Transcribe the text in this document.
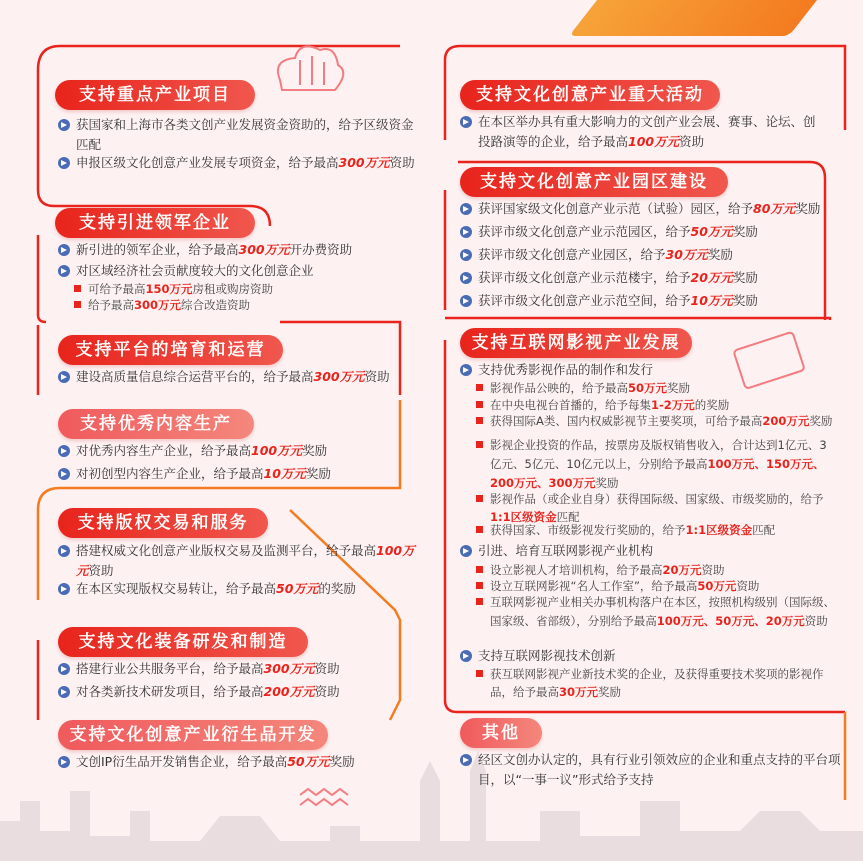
支持重点产业项目
获国家和上海市各类文创产业发展资金资助的，给予区级资金匹配
申报区级文化创意产业发展专项资金，给予最高300万元资助
支持引进领军企业
新引进的领军企业，给予最高300万元开办费资助
对区域经济社会贡献度较大的文化创意企业
可给予最高150万元房租或购房资助
给予最高300万元综合改造资助
支持平台的培育和运营
建设高质量信息综合运营平台的，给予最高300万元资助
支持优秀内容生产
对优秀内容生产企业，给予最高100万元奖励
对初创型内容生产企业，给予最高10万元奖励
支持版权交易和服务
搭建权威文化创意产业版权交易及监测平台，给予最高100万元资助
在本区实现版权交易转让，给予最高50万元的奖励
支持文化装备研发和制造
搭建行业公共服务平台，给予最高300万元资助
对各类新技术研发项目，给予最高200万元资助
支持文化创意产业衍生品开发
文创IP衍生品开发销售企业，给予最高50万元奖励
支持文化创意产业重大活动
在本区举办具有重大影响力的文创产业会展、赛事、论坛、创投路演等的企业，给予最高100万元资助
支持文化创意产业园区建设
获评国家级文化创意产业示范（试验）园区，给予80万元奖励
获评市级文化创意产业示范园区，给予50万元奖励
获评市级文化创意产业园区，给予30万元奖励
获评市级文化创意产业示范楼宇，给予20万元奖励
获评市级文化创意产业示范空间，给予10万元奖励
支持互联网影视产业发展
支持优秀影视作品的制作和发行
影视作品公映的，给予最高50万元奖励
在中央电视台首播的，给予每集1-2万元的奖励
获得国际A类、国内权威影视节主要奖项，可给予最高200万元奖励
影视企业投资的作品，按票房及版权销售收入，合计达到1亿元、3亿元、5亿元、10亿元以上，分别给予最高100万元、150万元、200万元、300万元奖励
影视作品（或企业自身）获得国际级、国家级、市级奖励的，给予1:1区级资金匹配
获得国家、市级影视发行奖励的，给予1:1区级资金匹配
引进、培育互联网影视产业机构
设立影视人才培训机构，给予最高20万元资助
设立互联网影视“名人工作室”，给予最高50万元资助
互联网影视产业相关办事机构落户在本区，按照机构级别（国际级、国家级、省部级），分别给予最高100万元、50万元、20万元资助
支持互联网影视技术创新
获互联网影视产业新技术奖的企业，及获得重要技术奖项的影视作品，给予最高30万元奖励
其他
经区文创办认定的，具有行业引领效应的企业和重点支持的平台项目，以“一事一议”形式给予支持
